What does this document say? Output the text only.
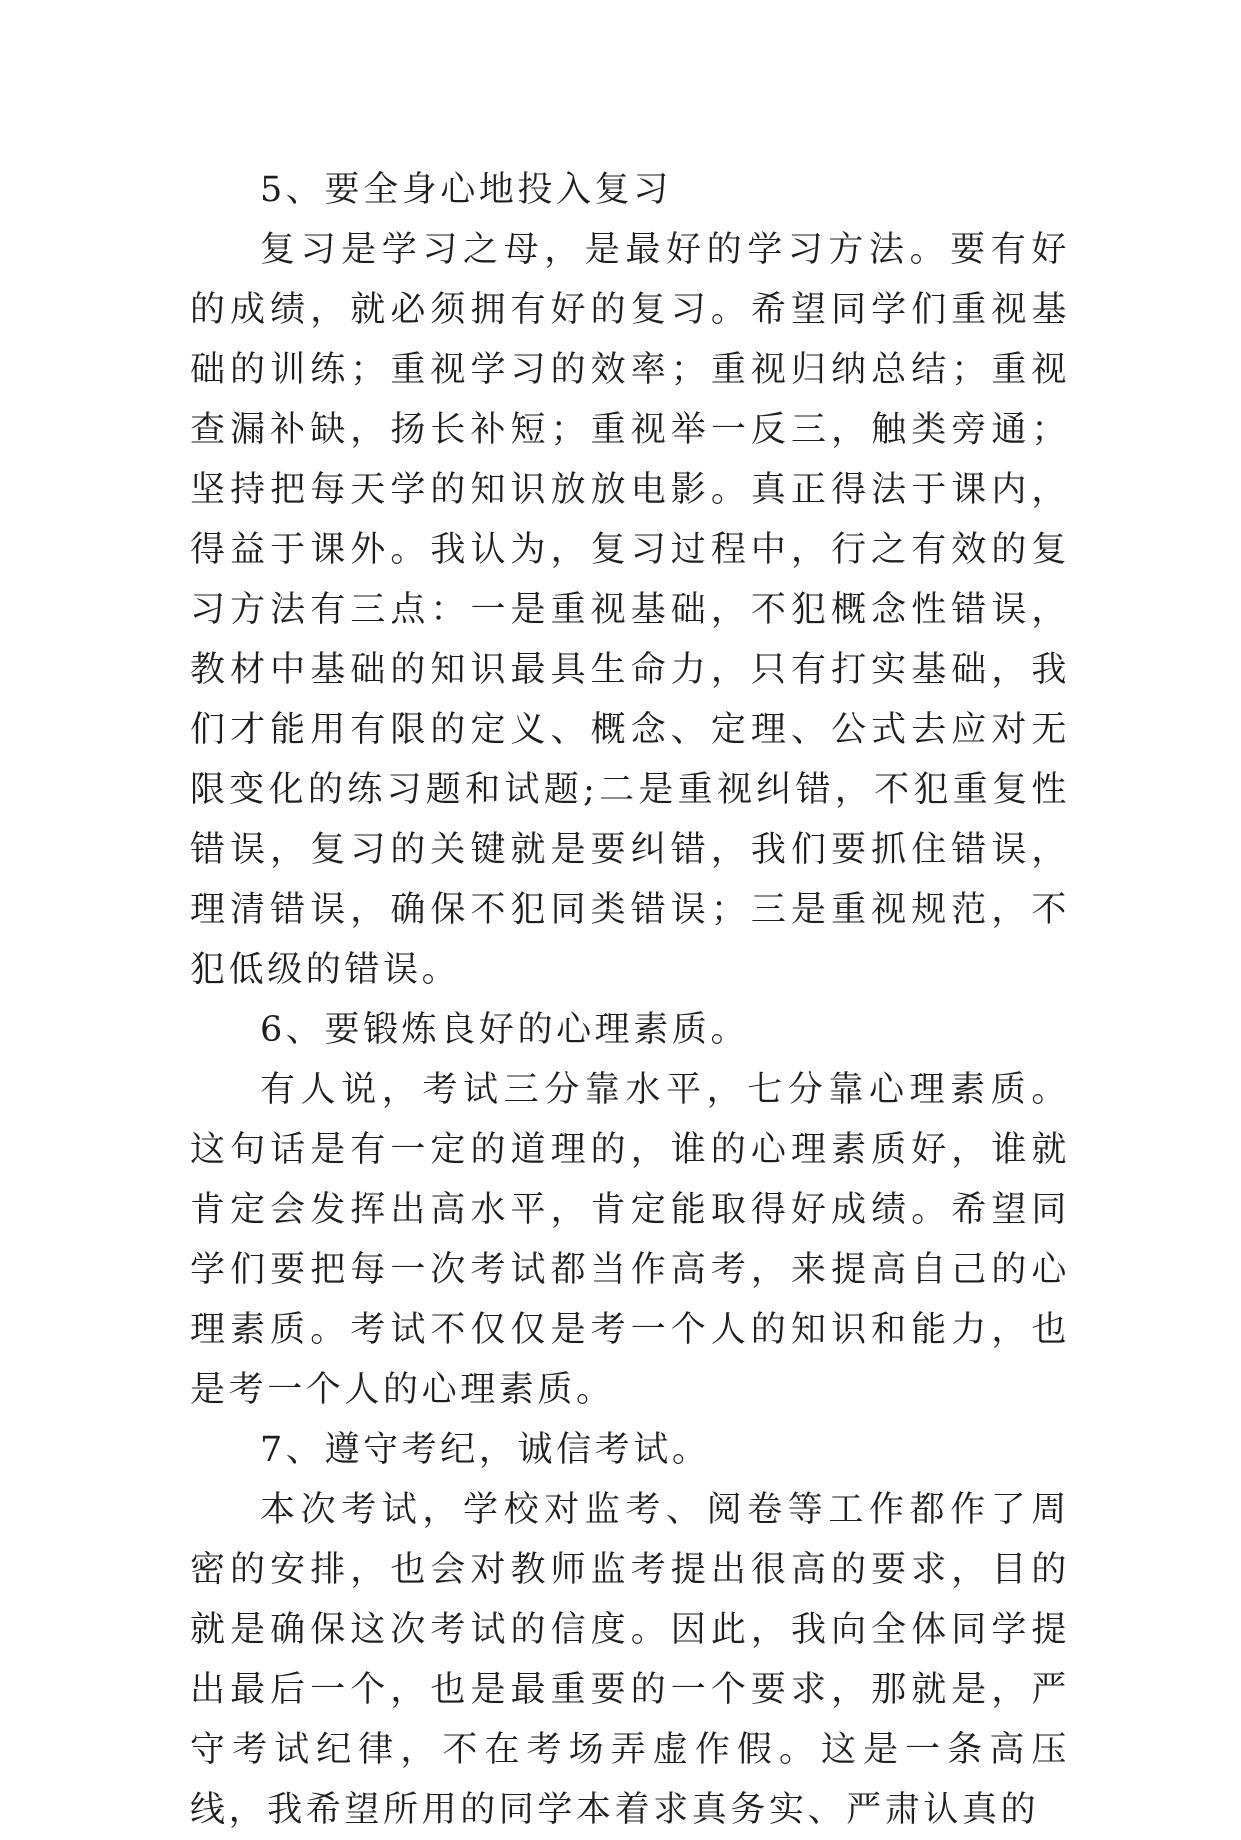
5、要全身心地投入复习

复习是学习之母，是最好的学习方法。要有好的成绩，就必须拥有好的复习。希望同学们重视基础的训练；重视学习的效率；重视归纳总结；重视查漏补缺，扬长补短；重视举一反三，触类旁通；坚持把每天学的知识放放电影。真正得法于课内，得益于课外。我认为，复习过程中，行之有效的复习方法有三点：一是重视基础，不犯概念性错误，教材中基础的知识最具生命力，只有打实基础，我们才能用有限的定义、概念、定理、公式去应对无限变化的练习题和试题;二是重视纠错，不犯重复性错误，复习的关键就是要纠错，我们要抓住错误，理清错误，确保不犯同类错误；三是重视规范，不犯低级的错误。

6、要锻炼良好的心理素质。

有人说，考试三分靠水平，七分靠心理素质。这句话是有一定的道理的，谁的心理素质好，谁就肯定会发挥出高水平，肯定能取得好成绩。希望同学们要把每一次考试都当作高考，来提高自己的心理素质。考试不仅仅是考一个人的知识和能力，也是考一个人的心理素质。

7、遵守考纪，诚信考试。

本次考试，学校对监考、阅卷等工作都作了周密的安排，也会对教师监考提出很高的要求，目的就是确保这次考试的信度。因此，我向全体同学提出最后一个，也是最重要的一个要求，那就是，严守考试纪律，不在考场弄虚作假。这是一条高压线，我希望所用的同学本着求真务实、严肃认真的
